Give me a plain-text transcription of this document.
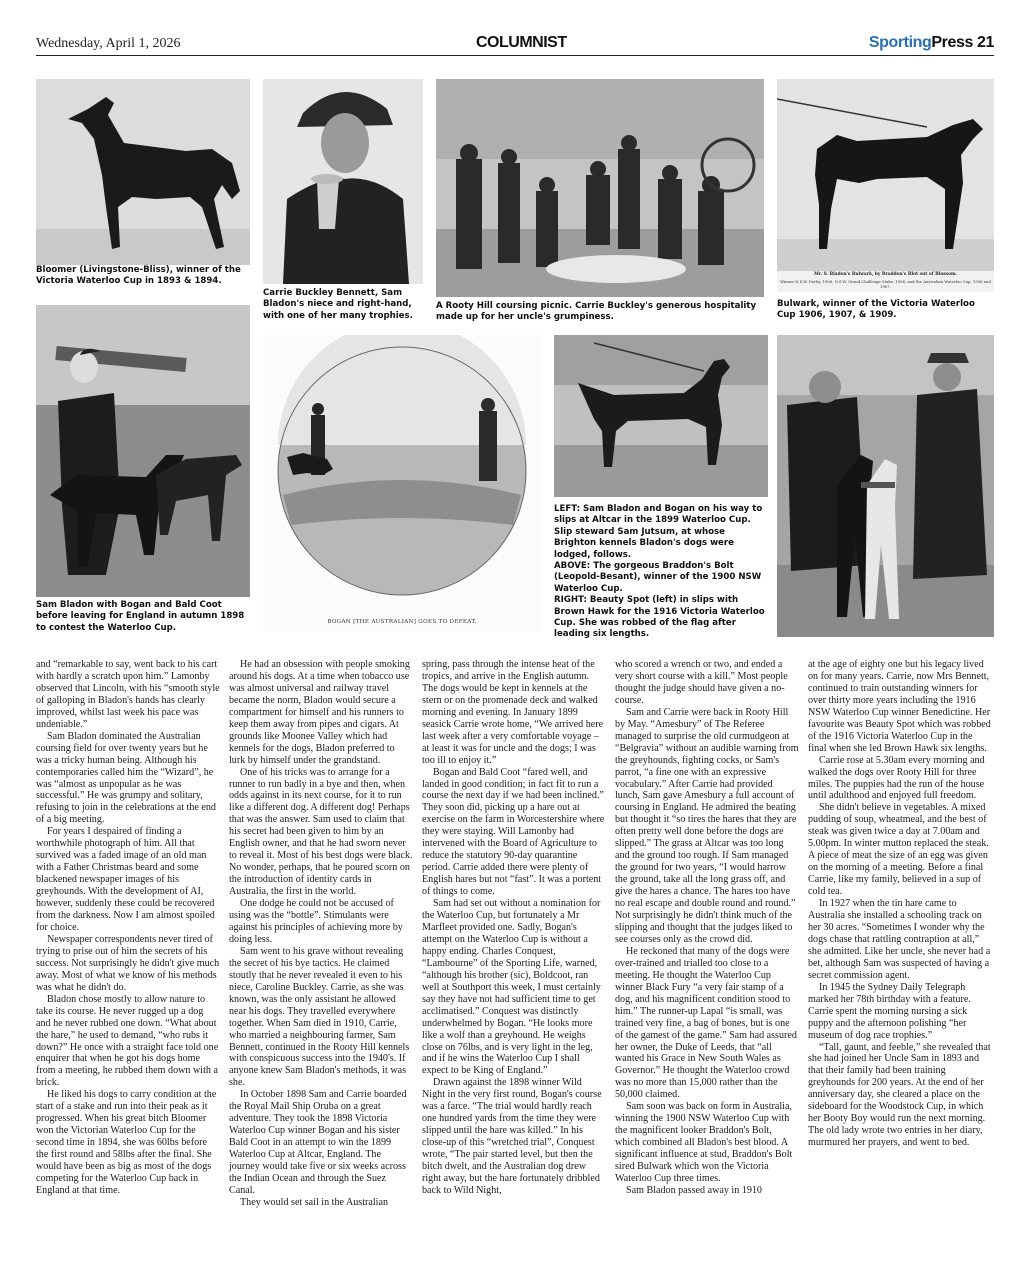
Wednesday, April 1, 2026	COLUMNIST	SportingPress 21
Bloomer (Livingstone-Bliss), winner of the Victoria Waterloo Cup in 1893 & 1894.
Carrie Buckley Bennett, Sam Bladon's niece and right-hand, with one of her many trophies.
A Rooty Hill coursing picnic. Carrie Buckley's generous hospitality made up for her uncle's grumpiness.
Mr. S. Bladon's Bulwark, by Braddon's Blot out of Blossom.
Winner N.S.W. Derby, 1906, N.S.W. Grand Challenge Stake, 1906, and the Australian Waterloo Cup, 1906 and 1907.
Bulwark, winner of the Victoria Waterloo Cup 1906, 1907, & 1909.
Sam Bladon with Bogan and Bald Coot before leaving for England in autumn 1898 to contest the Waterloo Cup.
BOGAN [THE AUSTRALIAN] GOES TO DEFEAT.
LEFT: Sam Bladon and Bogan on his way to slips at Altcar in the 1899 Waterloo Cup. Slip steward Sam Jutsum, at whose Brighton kennels Bladon's dogs were lodged, follows.
ABOVE: The gorgeous Braddon's Bolt (Leopold-Besant), winner of the 1900 NSW Waterloo Cup.
RIGHT: Beauty Spot (left) in slips with Brown Hawk for the 1916 Victoria Waterloo Cup. She was robbed of the flag after leading six lengths.

and “remarkable to say, went back to his cart with hardly a scratch upon him.” Lamonby observed that Lincoln, with his “smooth style of galloping in Bladon's hands has clearly improved, whilst last week his pace was undeniable.”

Sam Bladon dominated the Australian coursing field for over twenty years but he was a tricky human being. Although his contemporaries called him the “Wizard”, he was “almost as unpopular as he was successful.” He was grumpy and solitary, refusing to join in the celebrations at the end of a big meeting.

For years I despaired of finding a worthwhile photograph of him. All that survived was a faded image of an old man with a Father Christmas beard and some blackened newspaper images of his greyhounds. With the development of AI, however, suddenly these could be recovered from the darkness. Now I am almost spoiled for choice.

Newspaper correspondents never tired of trying to prise out of him the secrets of his success. Not surprisingly he didn't give much away. Most of what we know of his methods was what he didn't do.

Bladon chose mostly to allow nature to take its course. He never rugged up a dog and he never rubbed one down. “What about the hare,” he used to demand, “who rubs it down?” He once with a straight face told one enquirer that when he got his dogs home from a meeting, he rubbed them down with a brick.

He liked his dogs to carry condition at the start of a stake and run into their peak as it progressed. When his great bitch Bloomer won the Victorian Waterloo Cup for the second time in 1894, she was 60lbs before the first round and 58lbs after the final. She would have been as big as most of the dogs competing for the Waterloo Cup back in England at that time.

He had an obsession with people smoking around his dogs. At a time when tobacco use was almost universal and railway travel became the norm, Bladon would secure a compartment for himself and his runners to keep them away from pipes and cigars. At grounds like Moonee Valley which had kennels for the dogs, Bladon preferred to lurk by himself under the grandstand.

One of his tricks was to arrange for a runner to run badly in a bye and then, when odds against in its next course, for it to run like a different dog. A different dog! Perhaps that was the answer. Sam used to claim that his secret had been given to him by an English owner, and that he had sworn never to reveal it. Most of his best dogs were black. No wonder, perhaps, that he poured scorn on the introduction of identity cards in Australia, the first in the world.

One dodge he could not be accused of using was the “bottle”. Stimulants were against his principles of achieving more by doing less.

Sam went to his grave without revealing the secret of his bye tactics. He claimed stoutly that he never revealed it even to his niece, Caroline Buckley. Carrie, as she was known, was the only assistant he allowed near his dogs. They travelled everywhere together. When Sam died in 1910, Carrie, who married a neighbouring farmer, Sam Bennett, continued in the Rooty Hill kennels with conspicuous success into the 1940's. If anyone knew Sam Bladon's methods, it was she.

In October 1898 Sam and Carrie boarded the Royal Mail Ship Oruba on a great adventure. They took the 1898 Victoria Waterloo Cup winner Bogan and his sister Bald Coot in an attempt to win the 1899 Waterloo Cup at Altcar, England. The journey would take five or six weeks across the Indian Ocean and through the Suez Canal.

They would set sail in the Australian

spring, pass through the intense heat of the tropics, and arrive in the English autumn. The dogs would be kept in kennels at the stern or on the promenade deck and walked morning and evening. In January 1899 seasick Carrie wrote home, “We arrived here last week after a very comfortable voyage – at least it was for uncle and the dogs; I was too ill to enjoy it.”

Bogan and Bald Coot “fared well, and landed in good condition; in fact fit to run a course the next day if we had been inclined.” They soon did, picking up a hare out at exercise on the farm in Worcestershire where they were staying. Will Lamonby had intervened with the Board of Agriculture to reduce the statutory 90-day quarantine period. Carrie added there were plenty of English hares but not “fast”. It was a portent of things to come.

Sam had set out without a nomination for the Waterloo Cup, but fortunately a Mr Marfleet provided one. Sadly, Bogan's attempt on the Waterloo Cup is without a happy ending. Charles Conquest, “Lambourne” of the Sporting Life, warned, “although his brother (sic), Boldcoot, ran well at Southport this week, I must certainly say they have not had sufficient time to get acclimatised.” Conquest was distinctly underwhelmed by Bogan. “He looks more like a wolf than a greyhound. He weighs close on 76lbs, and is very light in the leg, and if he wins the Waterloo Cup I shall expect to be King of England.”

Drawn against the 1898 winner Wild Night in the very first round, Bogan's course was a farce. “The trial would hardly reach one hundred yards from the time they were slipped until the hare was killed.” In his close-up of this “wretched trial”, Conquest wrote, “The pair started level, but then the bitch dwelt, and the Australian dog drew right away, but the hare fortunately dribbled back to Wild Night,

who scored a wrench or two, and ended a very short course with a kill.” Most people thought the judge should have given a no-course.

Sam and Carrie were back in Rooty Hill by May. “Amesbury” of The Referee managed to surprise the old curmudgeon at “Belgravia” without an audible warning from the greyhounds, fighting cocks, or Sam's parrot, “a fine one with an expressive vocabulary.” After Carrie had provided lunch, Sam gave Amesbury a full account of coursing in England. He admired the beating but thought it “so tires the hares that they are often pretty well done before the dogs are slipped.” The grass at Altcar was too long and the ground too rough. If Sam managed the ground for two years, “I would harrow the ground, take all the long grass off, and give the hares a chance. The hares too have no real escape and double round and round.” Not surprisingly he didn't think much of the slipping and thought that the judges liked to see courses only as the crowd did.

He reckoned that many of the dogs were over-trained and trialled too close to a meeting. He thought the Waterloo Cup winner Black Fury “a very fair stamp of a dog, and his magnificent condition stood to him.” The runner-up Lapal “is small, was trained very fine, a bag of bones, but is one of the gamest of the game.” Sam had assured her owner, the Duke of Leeds, that “all wanted his Grace in New South Wales as Governor.” He thought the Waterloo crowd was no more than 15,000 rather than the 50,000 claimed.

Sam soon was back on form in Australia, winning the 1900 NSW Waterloo Cup with the magnificent looker Braddon's Bolt, which combined all Bladon's best blood. A significant influence at stud, Braddon's Bolt sired Bulwark which won the Victoria Waterloo Cup three times.

Sam Bladon passed away in 1910

at the age of eighty one but his legacy lived on for many years. Carrie, now Mrs Bennett, continued to train outstanding winners for over thirty more years including the 1916 NSW Waterloo Cup winner Benedictine. Her favourite was Beauty Spot which was robbed of the 1916 Victoria Waterloo Cup in the final when she led Brown Hawk six lengths.

Carrie rose at 5.30am every morning and walked the dogs over Rooty Hill for three miles. The puppies had the run of the house until adulthood and enjoyed full freedom.

She didn't believe in vegetables. A mixed pudding of soup, wheatmeal, and the best of steak was given twice a day at 7.00am and 5.00pm. In winter mutton replaced the steak. A piece of meat the size of an egg was given on the morning of a meeting. Before a final Carrie, like my family, believed in a sup of cold tea.

In 1927 when the tin hare came to Australia she installed a schooling track on her 30 acres. “Sometimes I wonder why the dogs chase that rattling contraption at all,” she admitted. Like her uncle, she never had a bet, although Sam was suspected of having a secret commission agent.

In 1945 the Sydney Daily Telegraph marked her 78th birthday with a feature. Carrie spent the morning nursing a sick puppy and the afternoon polishing “her museum of dog race trophies.”

“Tall, gaunt, and feeble,” she revealed that she had joined her Uncle Sam in 1893 and that their family had been training greyhounds for 200 years. At the end of her anniversary day, she cleared a place on the sideboard for the Woodstock Cup, in which her Booty Boy would run the next morning. The old lady wrote two entries in her diary, murmured her prayers, and went to bed.
